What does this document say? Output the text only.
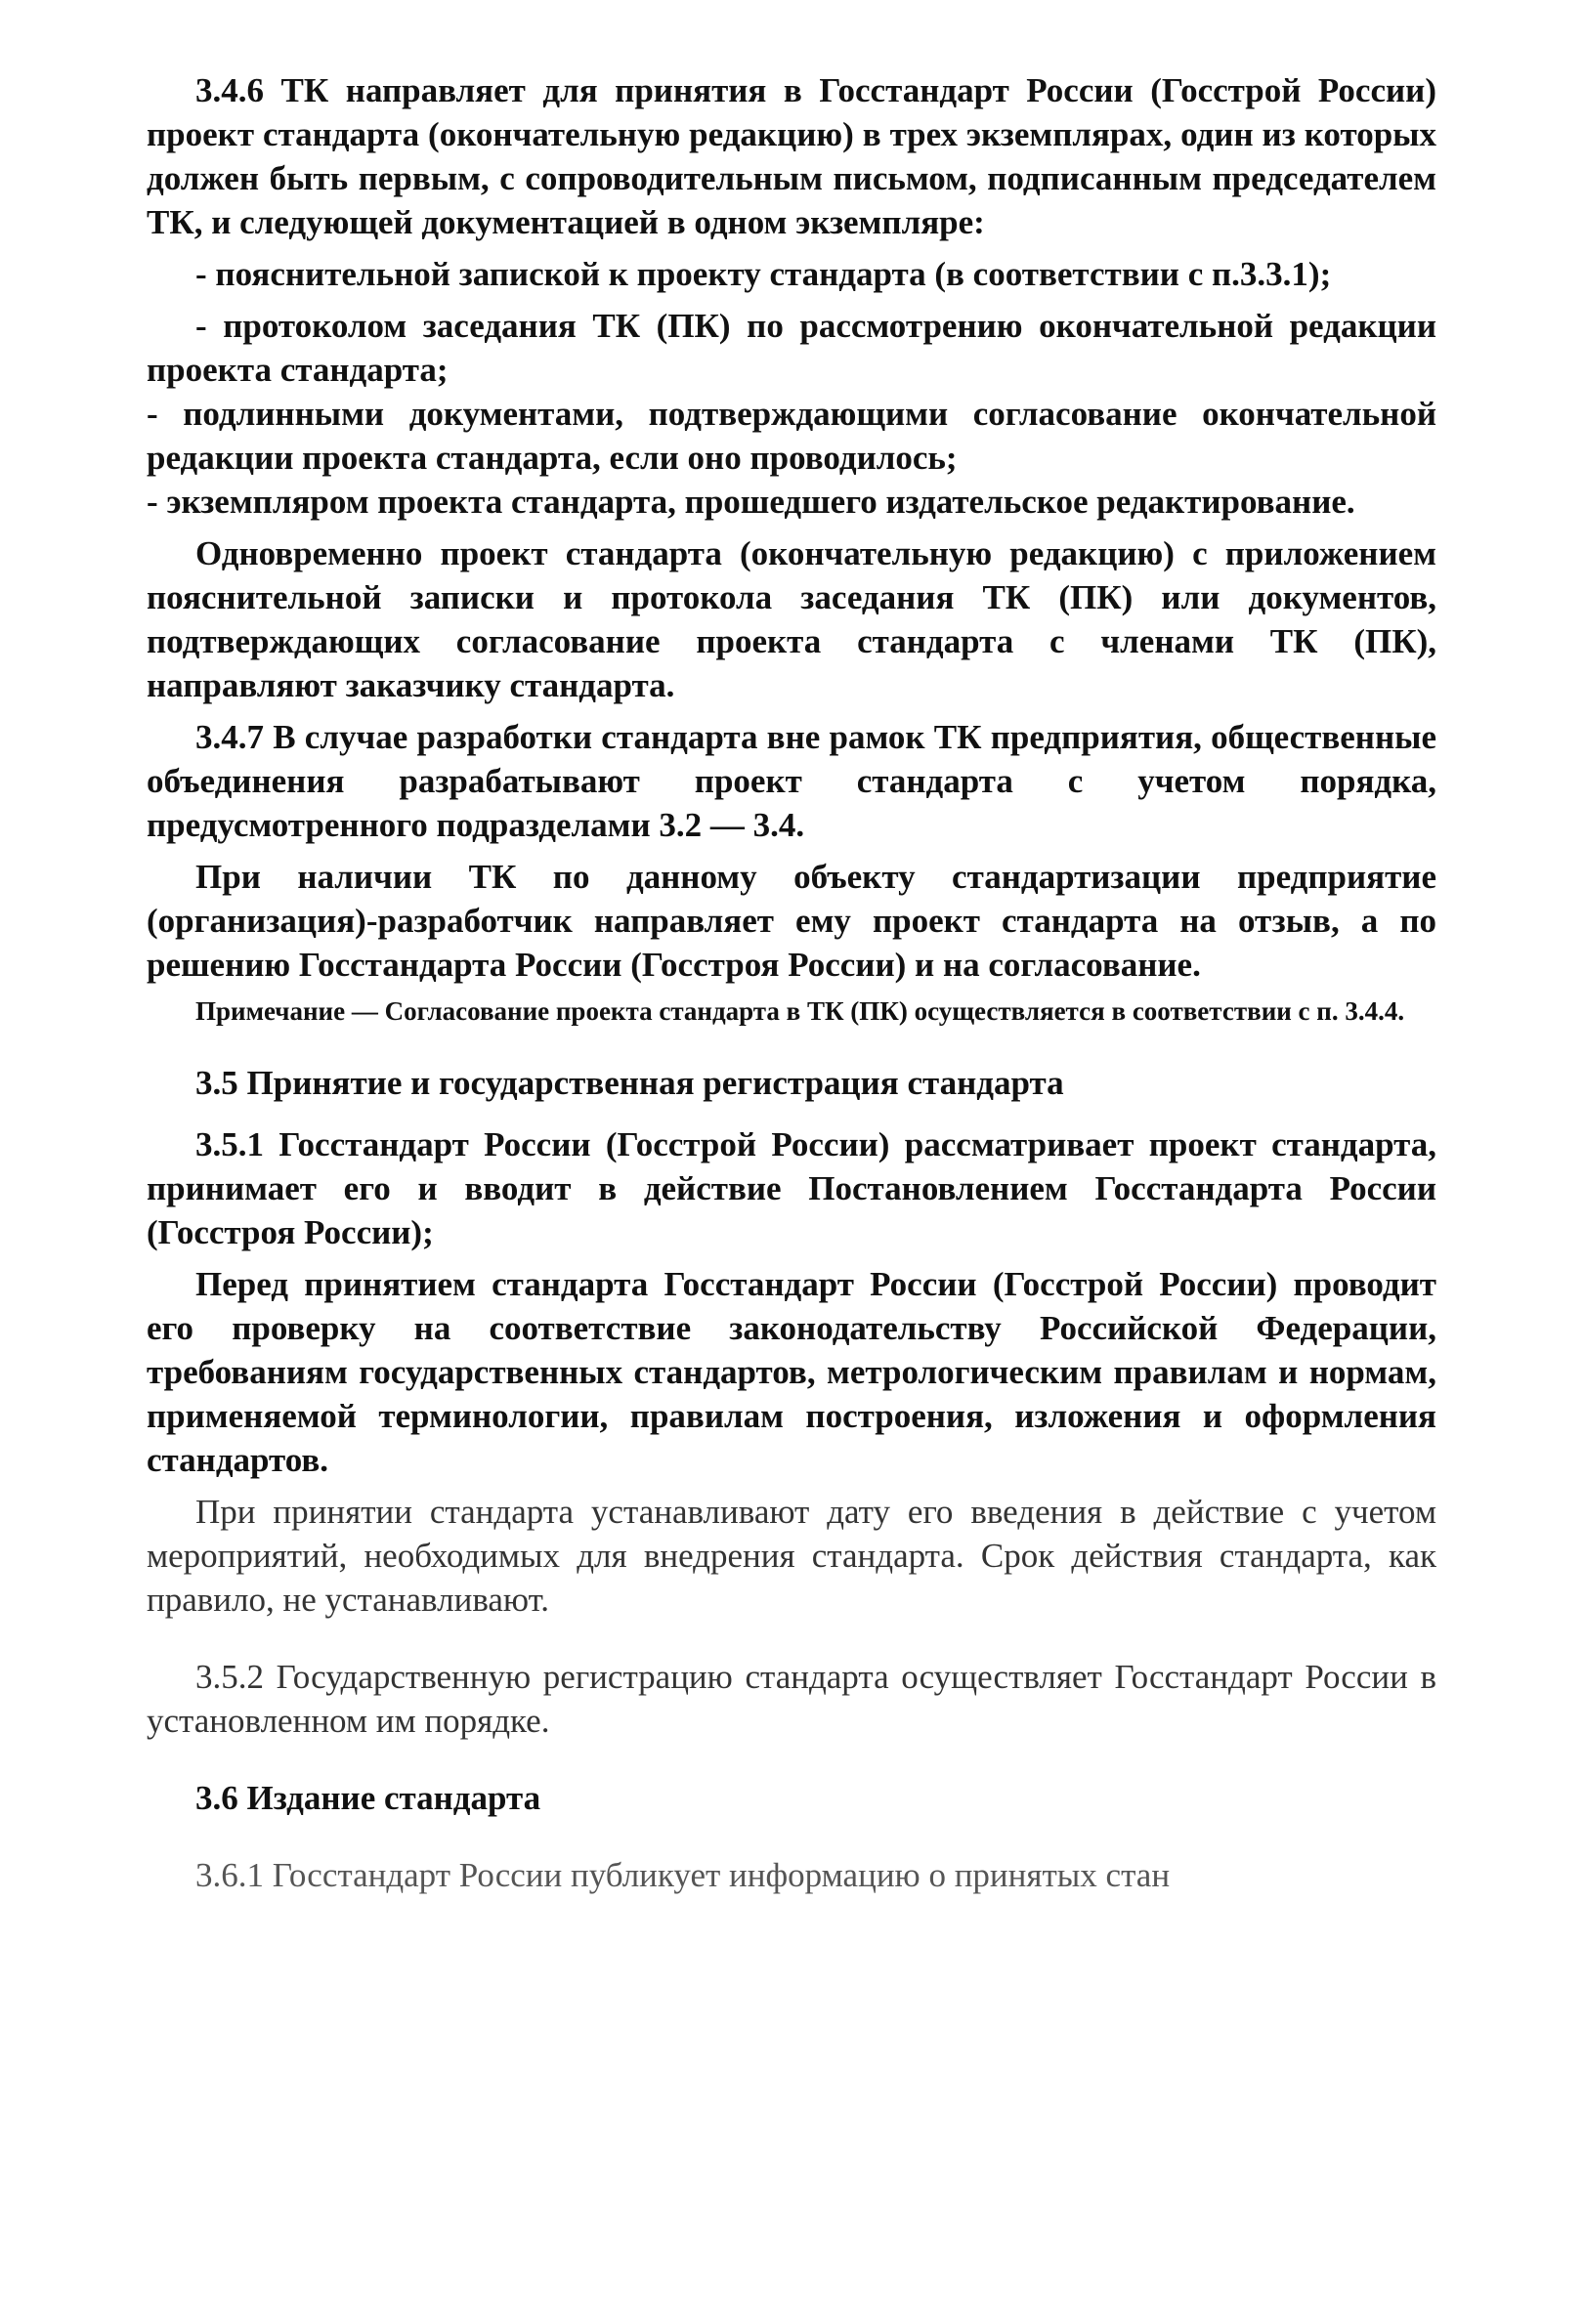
3.4.6 ТК направляет для принятия в Госстандарт России (Госстрой России) проект стандарта (окончательную редакцию) в трех экземплярах, один из которых должен быть первым, с сопроводительным письмом, подписанным председателем ТК, и следующей документацией в одном экземпляре:

- пояснительной запиской к проекту стандарта (в соответствии с п.3.3.1);

- протоколом заседания ТК (ПК) по рассмотрению окончательной редакции проекта стандарта;

- подлинными документами, подтверждающими согласование окончательной редакции проекта стандарта, если оно проводилось;

- экземпляром проекта стандарта, прошедшего издательское редактирование.

Одновременно проект стандарта (окончательную редакцию) с приложением пояснительной записки и протокола заседания ТК (ПК) или документов, подтверждающих согласование проекта стандарта с членами ТК (ПК), направляют заказчику стандарта.

3.4.7 В случае разработки стандарта вне рамок ТК предприятия, общественные объединения разрабатывают проект стандарта с учетом порядка, предусмотренного подразделами 3.2 — 3.4.

При наличии ТК по данному объекту стандартизации предприятие (организация)-разработчик направляет ему проект стандарта на отзыв, а по решению Госстандарта России (Госстроя России) и на согласование.

Примечание — Согласование проекта стандарта в ТК (ПК) осуществляется в соответствии с п. 3.4.4.

3.5 Принятие и государственная регистрация стандарта

3.5.1 Госстандарт России (Госстрой России) рассматривает проект стандарта, принимает его и вводит в действие Постановлением Госстандарта России (Госстроя России);

Перед принятием стандарта Госстандарт России (Госстрой России) проводит его проверку на соответствие законодательству Российской Федерации, требованиям государственных стандартов, метрологическим правилам и нормам, применяемой терминологии, правилам построения, изложения и оформления стандартов.

При принятии стандарта устанавливают дату его введения в действие с учетом мероприятий, необходимых для внедрения стандарта. Срок действия стандарта, как правило, не устанавливают.

3.5.2 Государственную регистрацию стандарта осуществляет Госстандарт России в установленном им порядке.

3.6 Издание стандарта

3.6.1 Госстандарт России публикует информацию о принятых стан
